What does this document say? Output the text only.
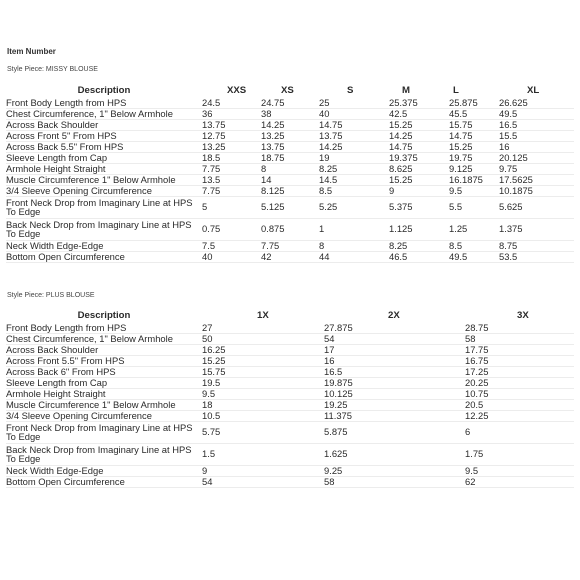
Item Number
Style Piece: MISSY BLOUSE
Description	XXS	XS	S	M	L	XL
Front Body Length from HPS	24.5	24.75	25	25.375	25.875	26.625
Chest Circumference, 1" Below Armhole	36	38	40	42.5	45.5	49.5
Across Back Shoulder	13.75	14.25	14.75	15.25	15.75	16.5
Across Front 5" From HPS	12.75	13.25	13.75	14.25	14.75	15.5
Across Back 5.5" From HPS	13.25	13.75	14.25	14.75	15.25	16
Sleeve Length from Cap	18.5	18.75	19	19.375	19.75	20.125
Armhole Height Straight	7.75	8	8.25	8.625	9.125	9.75
Muscle Circumference 1" Below Armhole	13.5	14	14.5	15.25	16.1875	17.5625
3/4 Sleeve Opening Circumference	7.75	8.125	8.5	9	9.5	10.1875
Front Neck Drop from Imaginary Line at HPS To Edge	5	5.125	5.25	5.375	5.5	5.625
Back Neck Drop from Imaginary Line at HPS To Edge	0.75	0.875	1	1.125	1.25	1.375
Neck Width Edge-Edge	7.5	7.75	8	8.25	8.5	8.75
Bottom Open Circumference	40	42	44	46.5	49.5	53.5
Style Piece: PLUS BLOUSE
Description	1X	2X	3X
Front Body Length from HPS	27	27.875	28.75
Chest Circumference, 1" Below Armhole	50	54	58
Across Back Shoulder	16.25	17	17.75
Across Front 5.5" From HPS	15.25	16	16.75
Across Back 6" From HPS	15.75	16.5	17.25
Sleeve Length from Cap	19.5	19.875	20.25
Armhole Height Straight	9.5	10.125	10.75
Muscle Circumference 1" Below Armhole	18	19.25	20.5
3/4 Sleeve Opening Circumference	10.5	11.375	12.25
Front Neck Drop from Imaginary Line at HPS To Edge	5.75	5.875	6
Back Neck Drop from Imaginary Line at HPS To Edge	1.5	1.625	1.75
Neck Width Edge-Edge	9	9.25	9.5
Bottom Open Circumference	54	58	62
